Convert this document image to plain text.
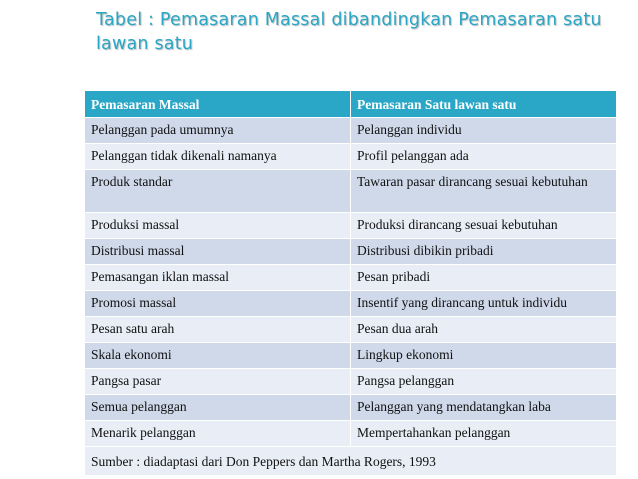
Tabel : Pemasaran Massal dibandingkan Pemasaran satu
lawan satu
Pemasaran Massal	Pemasaran Satu lawan satu
Pelanggan pada umumnya	Pelanggan individu
Pelanggan tidak dikenali namanya	Profil pelanggan ada
Produk standar	Tawaran pasar dirancang sesuai kebutuhan
Produksi massal	Produksi dirancang sesuai kebutuhan
Distribusi massal	Distribusi dibikin pribadi
Pemasangan iklan massal	Pesan pribadi
Promosi massal	Insentif yang dirancang untuk individu
Pesan satu arah	Pesan dua arah
Skala ekonomi	Lingkup ekonomi
Pangsa pasar	Pangsa pelanggan
Semua pelanggan	Pelanggan yang mendatangkan laba
Menarik pelanggan	Mempertahankan pelanggan
Sumber : diadaptasi dari Don Peppers dan Martha Rogers, 1993	
